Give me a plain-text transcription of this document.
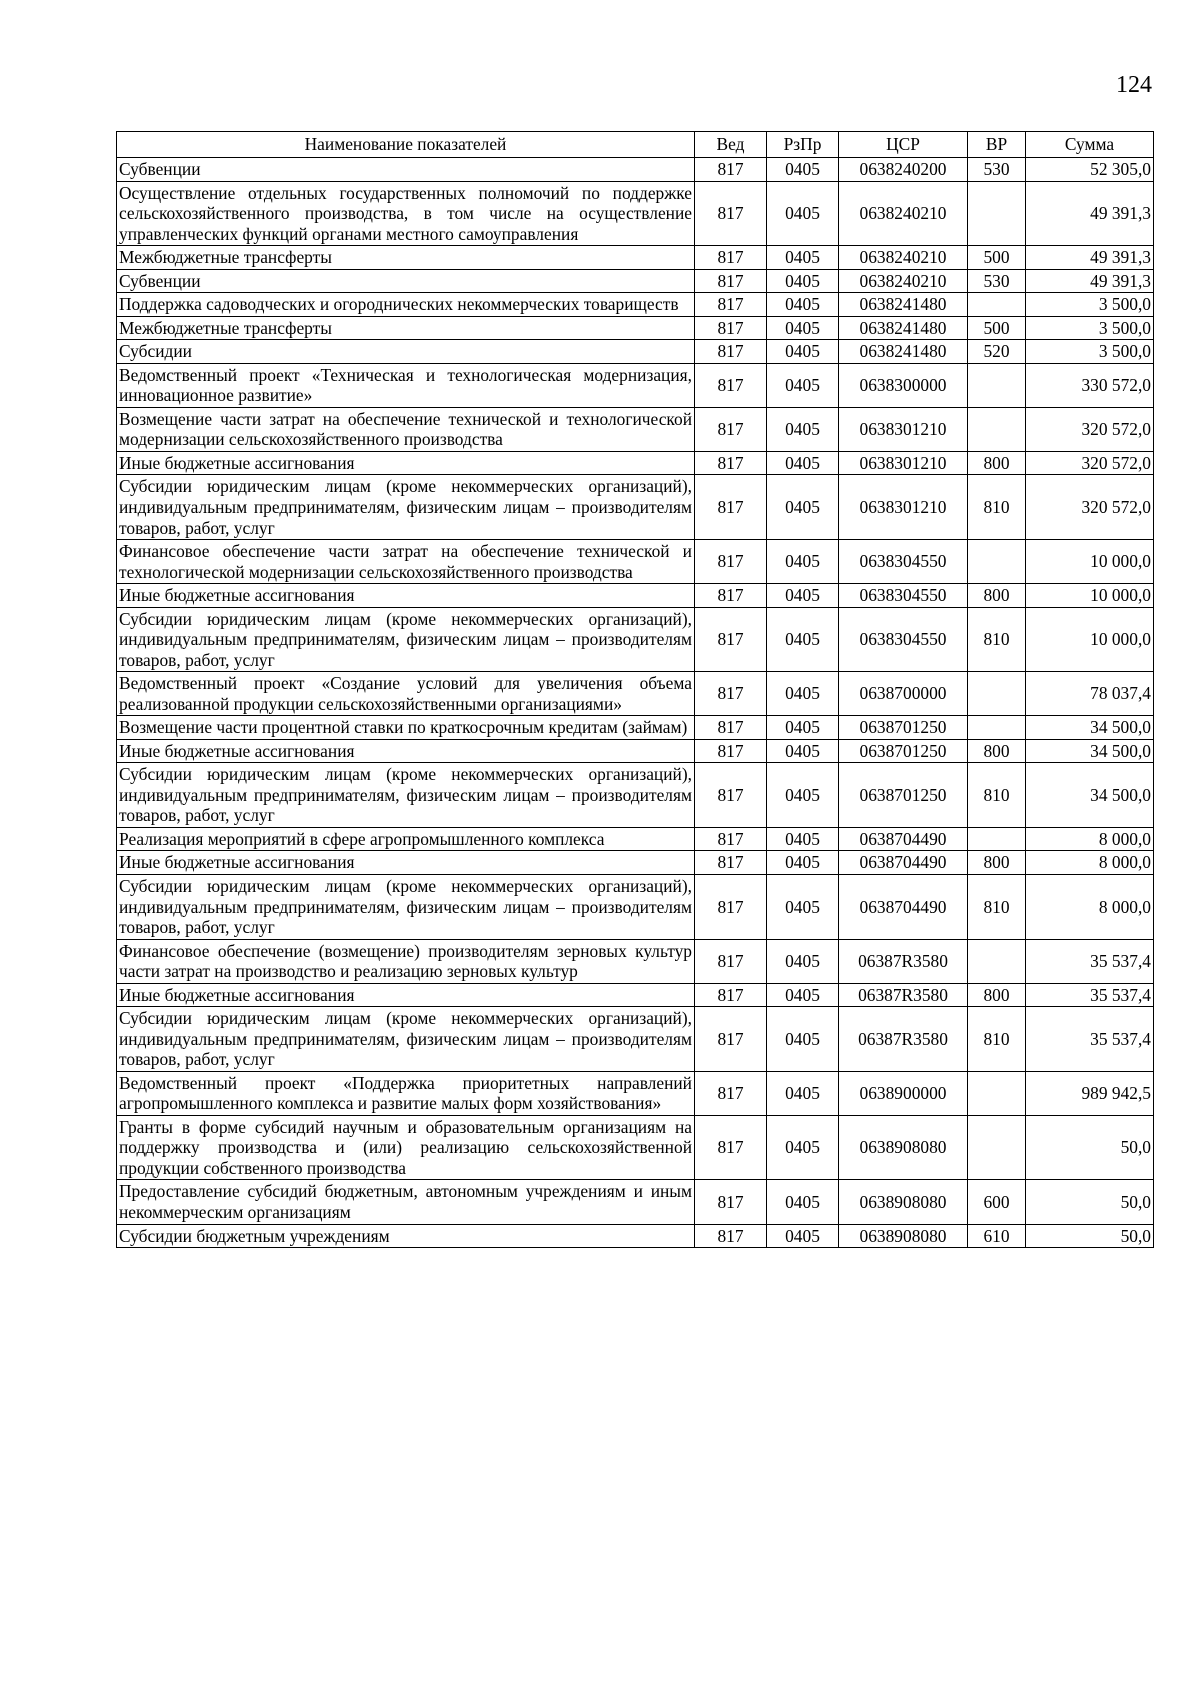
124
Наименование показателей	Вед	РзПр	ЦСР	ВР	Сумма
Субвенции	817	0405	0638240200	530	52 305,0
Осуществление отдельных государственных полномочий по поддержке сельскохозяйственного производства, в том числе на осуществление управленческих функций органами местного самоуправления	817	0405	0638240210		49 391,3
Межбюджетные трансферты	817	0405	0638240210	500	49 391,3
Субвенции	817	0405	0638240210	530	49 391,3
Поддержка садоводческих и огороднических некоммерческих товариществ	817	0405	0638241480		3 500,0
Межбюджетные трансферты	817	0405	0638241480	500	3 500,0
Субсидии	817	0405	0638241480	520	3 500,0
Ведомственный проект «Техническая и технологическая модернизация, инновационное развитие»	817	0405	0638300000		330 572,0
Возмещение части затрат на обеспечение технической и технологической модернизации сельскохозяйственного производства	817	0405	0638301210		320 572,0
Иные бюджетные ассигнования	817	0405	0638301210	800	320 572,0
Субсидии юридическим лицам (кроме некоммерческих организаций), индивидуальным предпринимателям, физическим лицам – производителям товаров, работ, услуг	817	0405	0638301210	810	320 572,0
Финансовое обеспечение части затрат на обеспечение технической и технологической модернизации сельскохозяйственного производства	817	0405	0638304550		10 000,0
Иные бюджетные ассигнования	817	0405	0638304550	800	10 000,0
Субсидии юридическим лицам (кроме некоммерческих организаций), индивидуальным предпринимателям, физическим лицам – производителям товаров, работ, услуг	817	0405	0638304550	810	10 000,0
Ведомственный проект «Создание условий для увеличения объема реализованной продукции сельскохозяйственными организациями»	817	0405	0638700000		78 037,4
Возмещение части процентной ставки по краткосрочным кредитам (займам)	817	0405	0638701250		34 500,0
Иные бюджетные ассигнования	817	0405	0638701250	800	34 500,0
Субсидии юридическим лицам (кроме некоммерческих организаций), индивидуальным предпринимателям, физическим лицам – производителям товаров, работ, услуг	817	0405	0638701250	810	34 500,0
Реализация мероприятий в сфере агропромышленного комплекса	817	0405	0638704490		8 000,0
Иные бюджетные ассигнования	817	0405	0638704490	800	8 000,0
Субсидии юридическим лицам (кроме некоммерческих организаций), индивидуальным предпринимателям, физическим лицам – производителям товаров, работ, услуг	817	0405	0638704490	810	8 000,0
Финансовое обеспечение (возмещение) производителям зерновых культур части затрат на производство и реализацию зерновых культур	817	0405	06387R3580		35 537,4
Иные бюджетные ассигнования	817	0405	06387R3580	800	35 537,4
Субсидии юридическим лицам (кроме некоммерческих организаций), индивидуальным предпринимателям, физическим лицам – производителям товаров, работ, услуг	817	0405	06387R3580	810	35 537,4
Ведомственный проект «Поддержка приоритетных направлений агропромышленного комплекса и развитие малых форм хозяйствования»	817	0405	0638900000		989 942,5
Гранты в форме субсидий научным и образовательным организациям на поддержку производства и (или) реализацию сельскохозяйственной продукции собственного производства	817	0405	0638908080		50,0
Предоставление субсидий бюджетным, автономным учреждениям и иным некоммерческим организациям	817	0405	0638908080	600	50,0
Субсидии бюджетным учреждениям	817	0405	0638908080	610	50,0
